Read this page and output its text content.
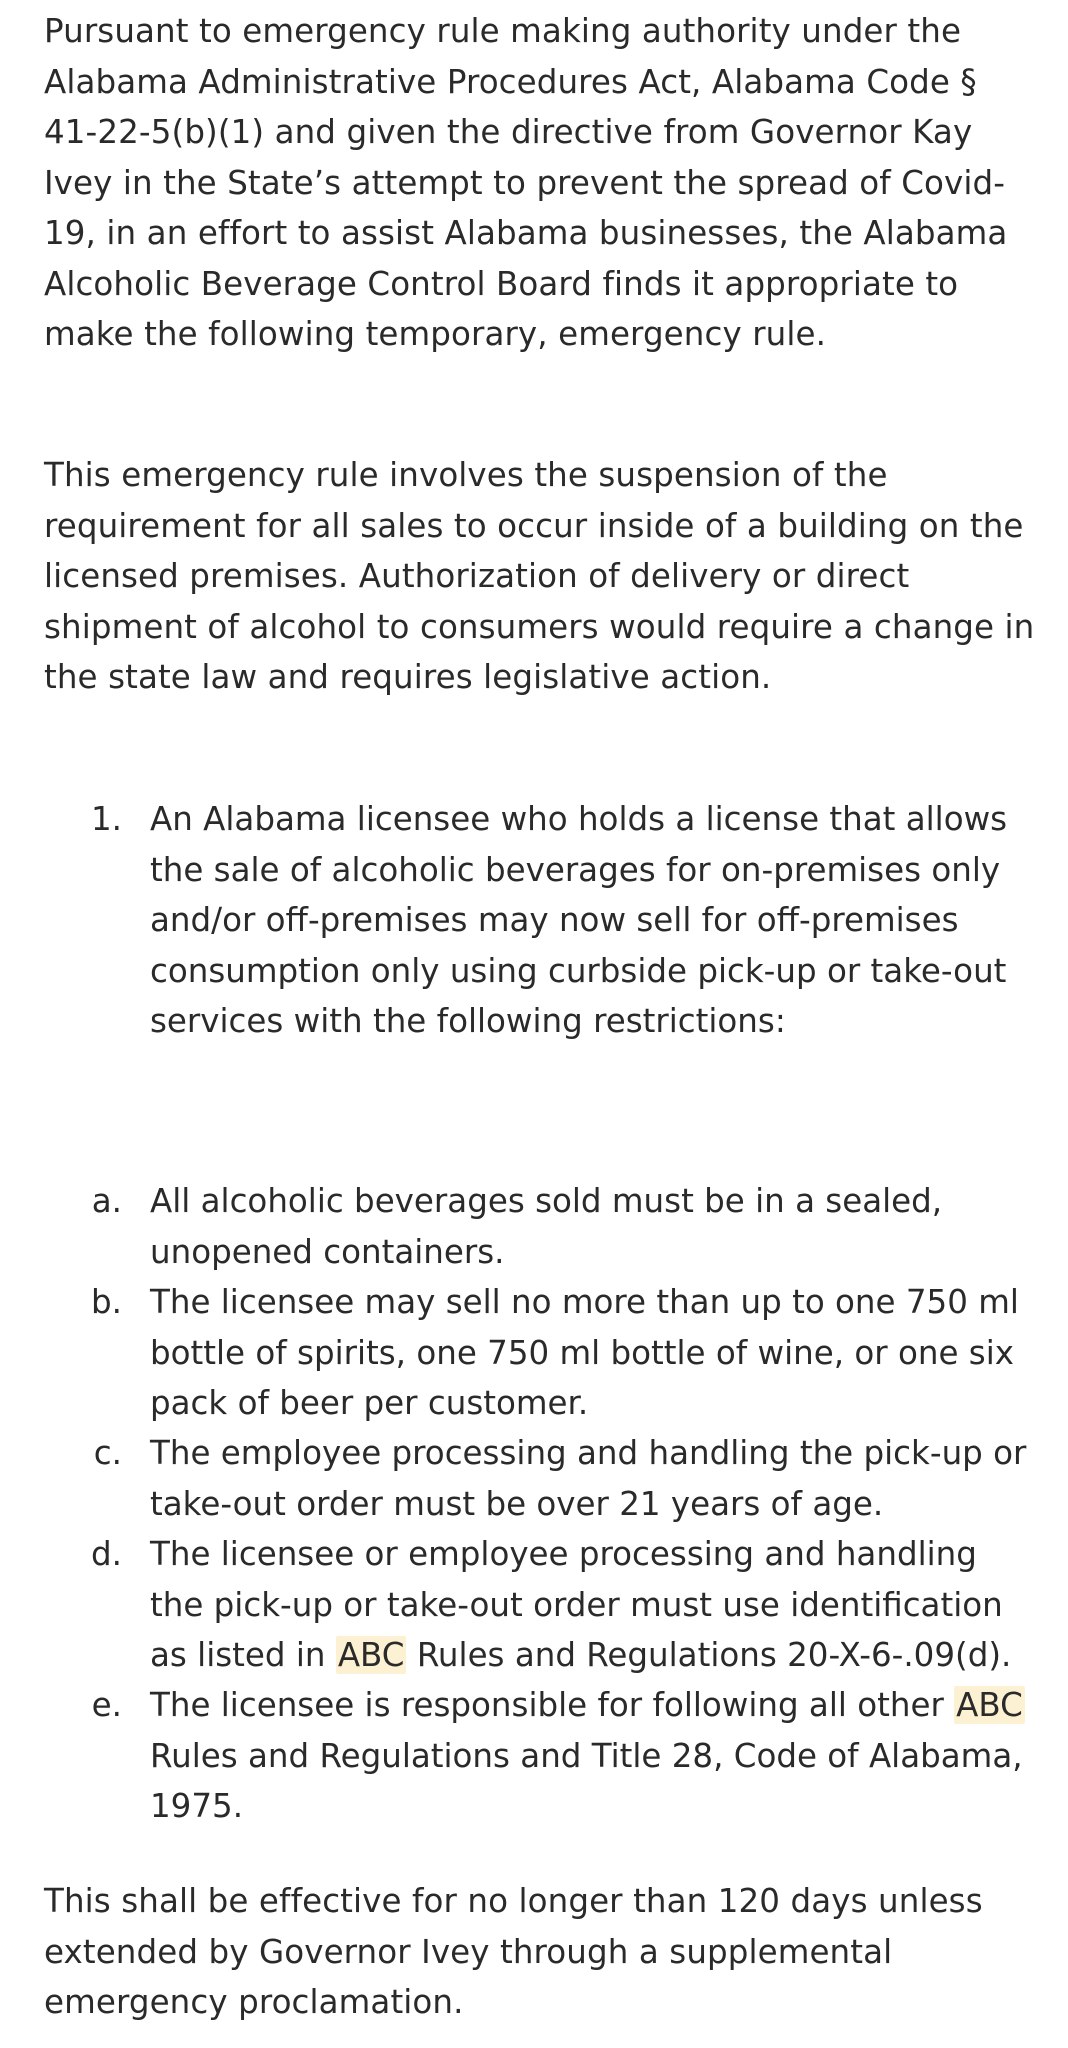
Pursuant to emergency rule making authority under the
Alabama Administrative Procedures Act, Alabama Code §
41-22-5(b)(1) and given the directive from Governor Kay
Ivey in the State’s attempt to prevent the spread of Covid-
19, in an effort to assist Alabama businesses, the Alabama
Alcoholic Beverage Control Board finds it appropriate to
make the following temporary, emergency rule.

This emergency rule involves the suspension of the
requirement for all sales to occur inside of a building on the
licensed premises. Authorization of delivery or direct
shipment of alcohol to consumers would require a change in
the state law and requires legislative action.

1. An Alabama licensee who holds a license that allows
the sale of alcoholic beverages for on-premises only
and/or off-premises may now sell for off-premises
consumption only using curbside pick-up or take-out
services with the following restrictions:
a. All alcoholic beverages sold must be in a sealed,
unopened containers.
b. The licensee may sell no more than up to one 750 ml
bottle of spirits, one 750 ml bottle of wine, or one six
pack of beer per customer.
c. The employee processing and handling the pick-up or
take-out order must be over 21 years of age.
d. The licensee or employee processing and handling
the pick-up or take-out order must use identification
as listed in ABC Rules and Regulations 20-X-6-.09(d).
e. The licensee is responsible for following all other ABC
Rules and Regulations and Title 28, Code of Alabama,
1975.

This shall be effective for no longer than 120 days unless
extended by Governor Ivey through a supplemental
emergency proclamation.
